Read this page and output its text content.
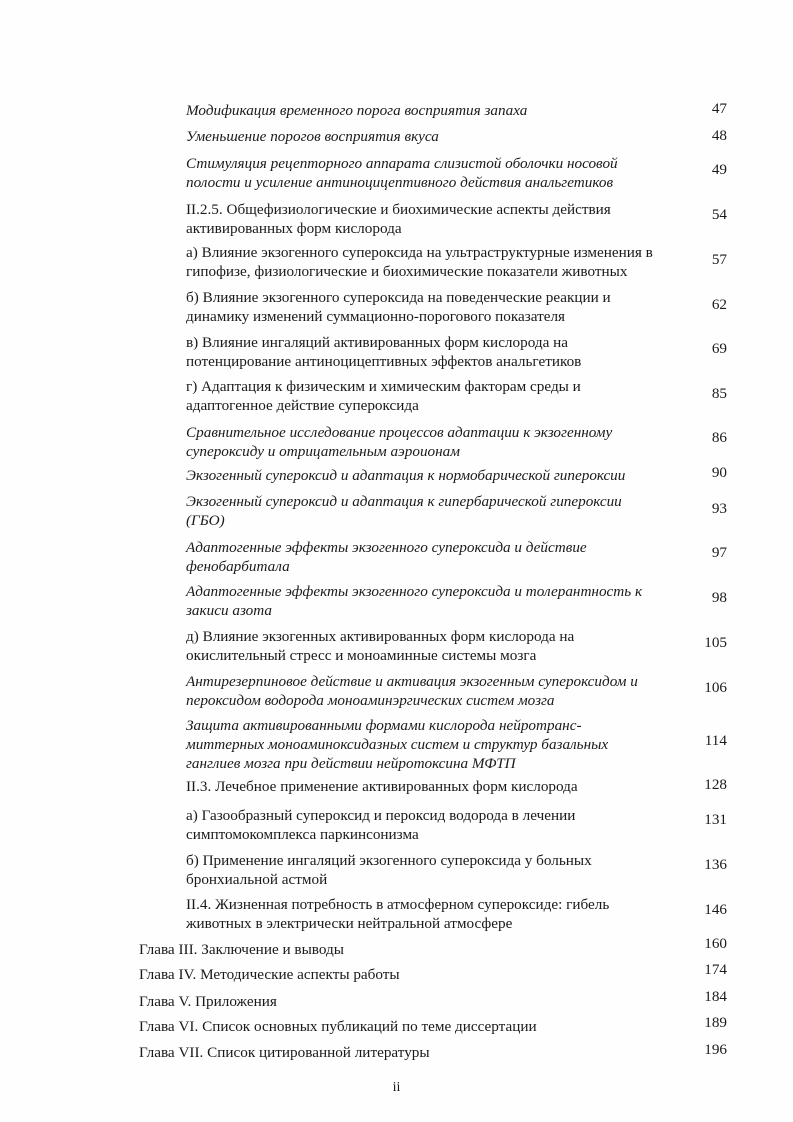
Модификация временного порога восприятия запаха	47
Уменьшение порогов восприятия вкуса	48
Стимуляция рецепторного аппарата слизистой оболочки носовой
полости и усиление антиноцицептивного действия анальгетиков
49
II.2.5. Общефизиологические и биохимические аспекты действия
активированных форм кислорода
54
а) Влияние экзогенного супероксида на ультраструктурные изменения в
гипофизе, физиологические и биохимические показатели животных
57
б) Влияние экзогенного супероксида на поведенческие реакции и
динамику изменений суммационно-порогового показателя
62
в) Влияние ингаляций активированных форм кислорода на
потенцирование антиноцицептивных эффектов анальгетиков
69
г) Адаптация к физическим и химическим факторам среды и
адаптогенное действие супероксида
85
Сравнительное исследование процессов адаптации к экзогенному
супероксиду и отрицательным аэроионам
86
Экзогенный супероксид и адаптация к нормобарической гипероксии	90
Экзогенный супероксид и адаптация к гипербарической гипероксии
(ГБО)
93
Адаптогенные эффекты экзогенного супероксида и действие
фенобарбитала
97
Адаптогенные эффекты экзогенного супероксида и толерантность к
закиси азота
98
д) Влияние экзогенных активированных форм кислорода на
окислительный стресс и моноаминные системы мозга
105
Антирезерпиновое действие и активация экзогенным супероксидом и
пероксидом водорода моноаминэргических систем мозга
106
Защита активированными формами кислорода нейротранс-
миттерных моноаминоксидазных систем и структур базальных
ганглиев мозга при действии нейротоксина МФТП
114
II.3. Лечебное применение активированных форм кислорода	128
а) Газообразный супероксид и пероксид водорода в лечении
симптомокомплекса паркинсонизма
131
б) Применение ингаляций экзогенного супероксида у больных
бронхиальной астмой
136
II.4. Жизненная потребность в атмосферном супероксиде: гибель
животных в электрически нейтральной атмосфере
146
Глава III. Заключение и выводы	160
Глава IV. Методические аспекты работы	174
Глава V. Приложения	184
Глава VI. Список основных публикаций по теме диссертации	189
Глава VII. Список цитированной литературы	196
ii
